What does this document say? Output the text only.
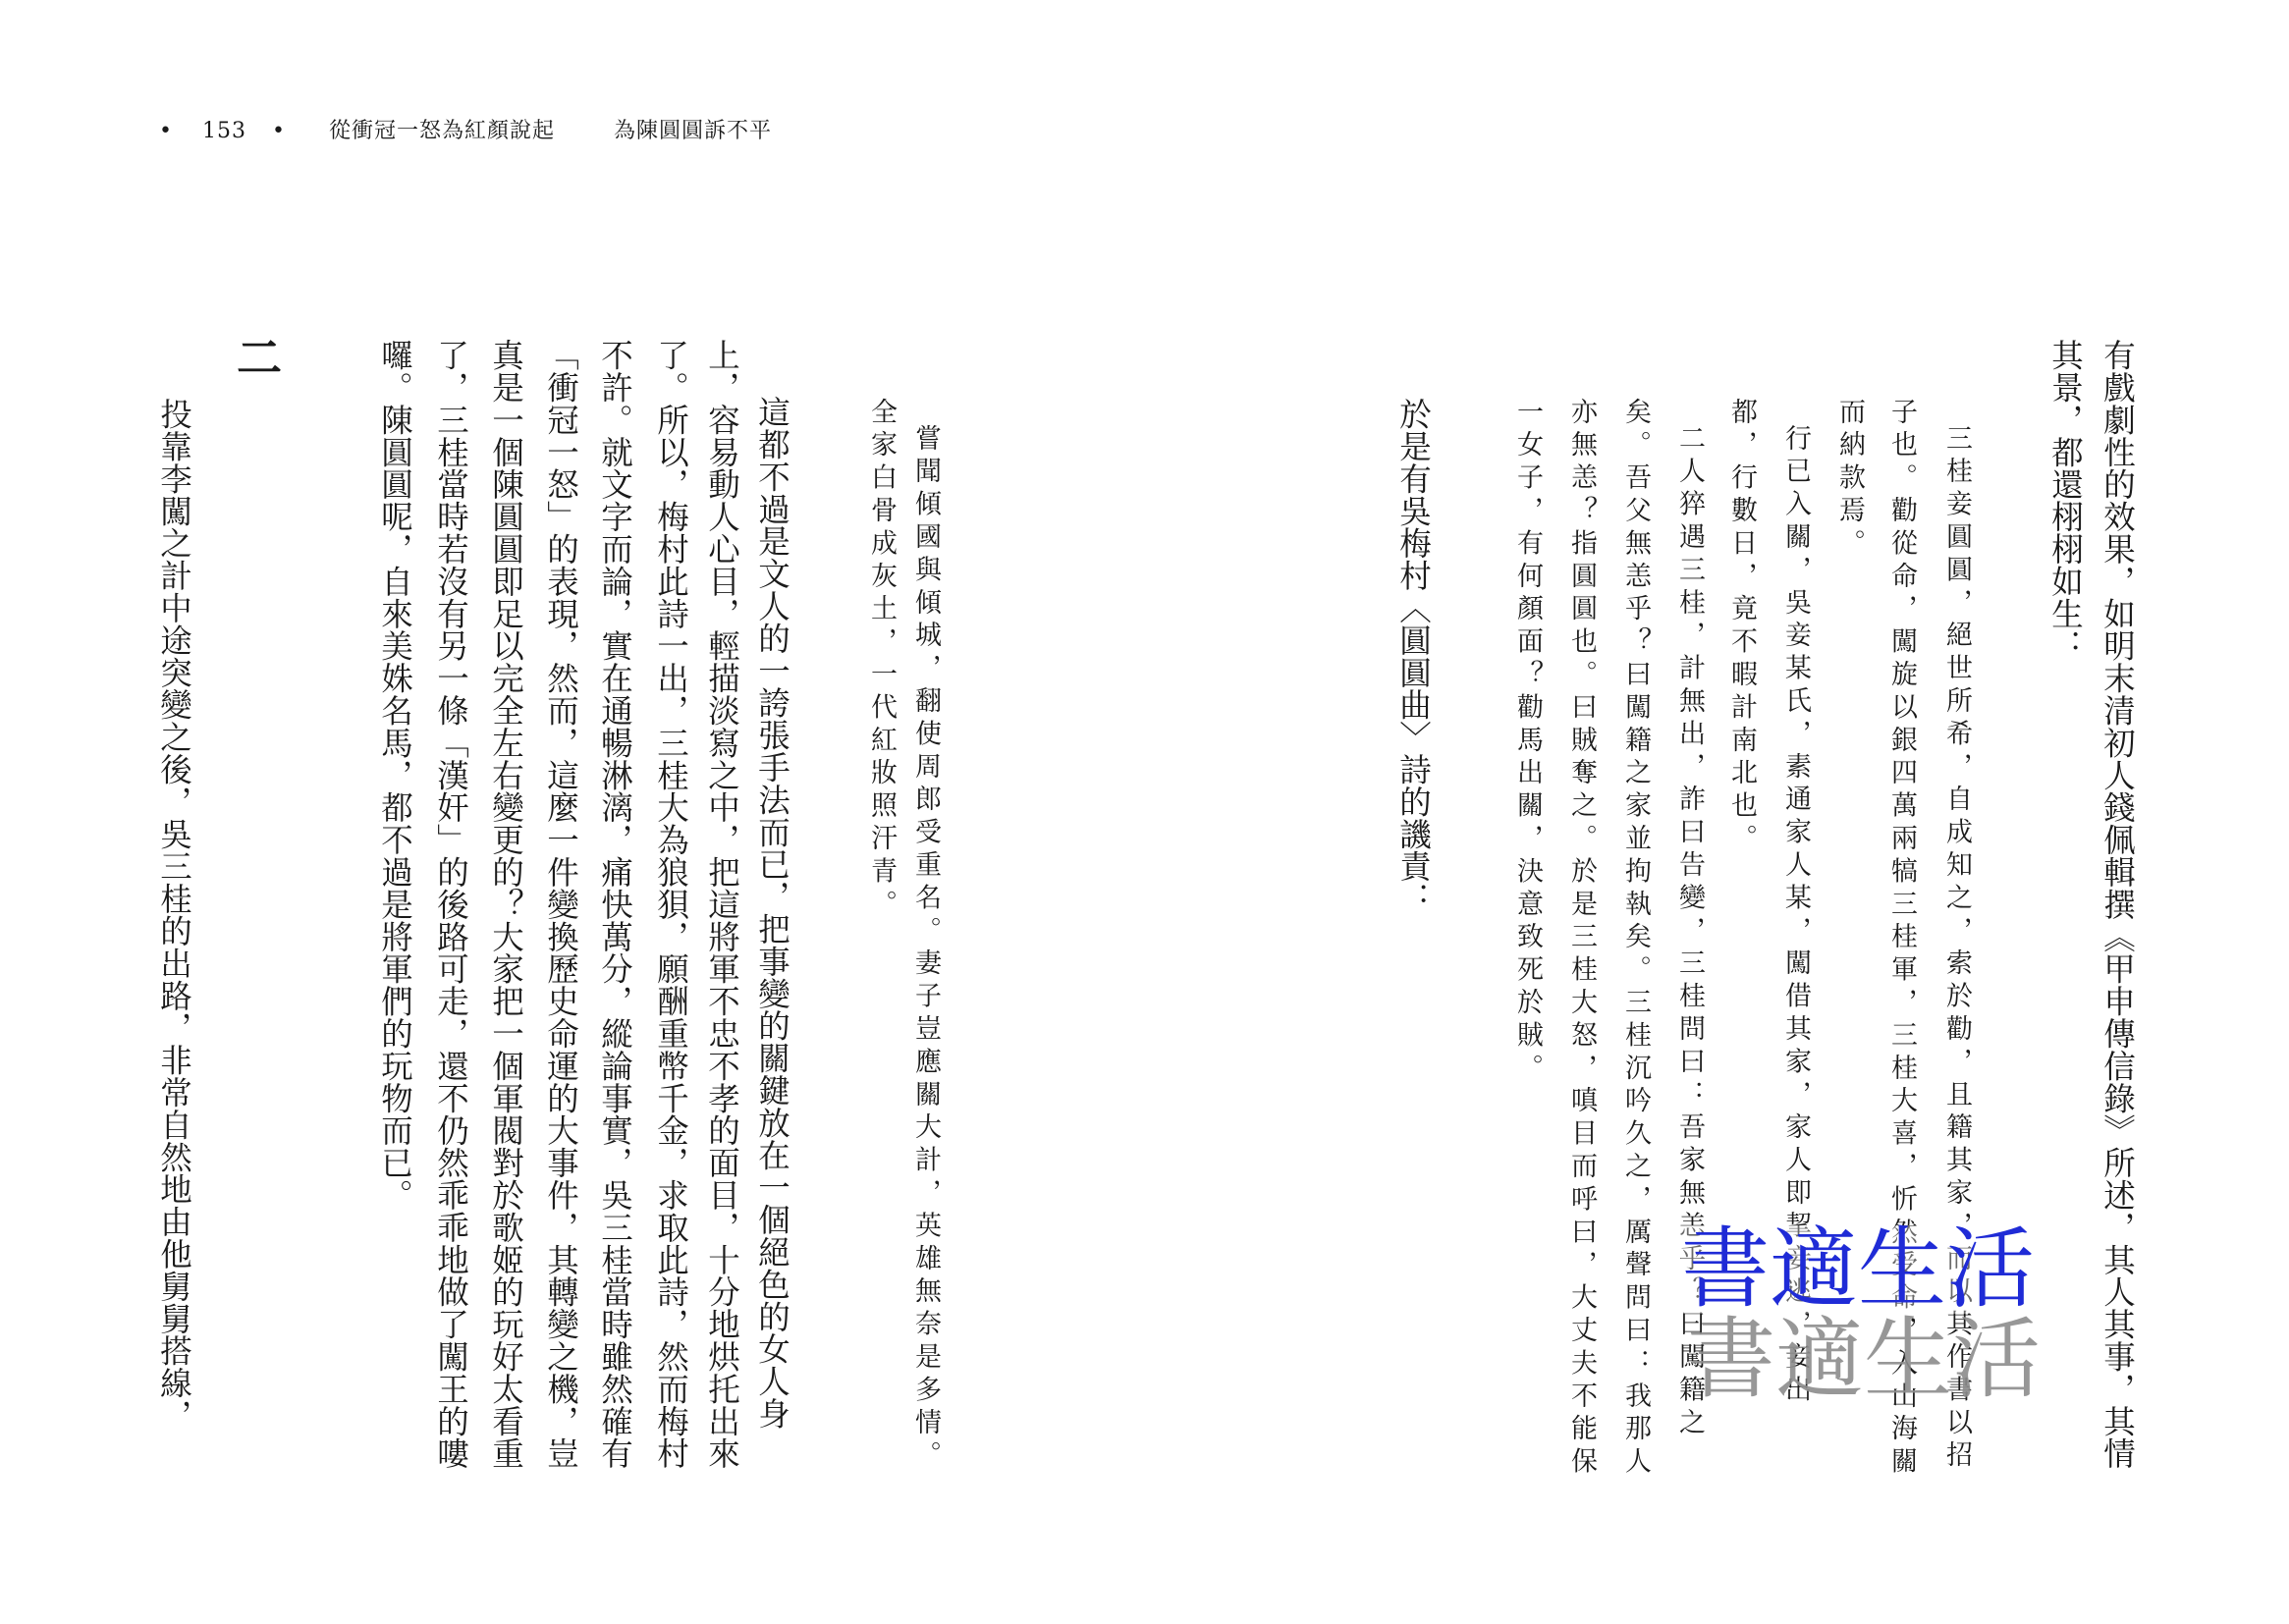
• 153 • 從衝冠一怒為紅顏說起	為陳圓圓訴不平
嘗聞傾國與傾城，翻使周郎受重名。妻子豈應關大計，英雄無奈是多情。
全家白骨成灰土，一代紅妝照汗青。
這都不過是文人的一誇張手法而已，把事變的關鍵放在一個絕色的女人身
上，容易動人心目，輕描淡寫之中，把這將軍不忠不孝的面目，十分地烘托出來
了。所以，梅村此詩一出，三桂大為狼狽，願酬重幣千金，求取此詩，然而梅村
不許。就文字而論，實在通暢淋漓，痛快萬分，縱論事實，吳三桂當時雖然確有
「衝冠一怒」的表現，然而，這麼一件變換歷史命運的大事件，其轉變之機，豈
真是一個陳圓圓即足以完全左右變更的？大家把一個軍閥對於歌姬的玩好太看重
了，三桂當時若沒有另一條「漢奸」的後路可走，還不仍然乖乖地做了闖王的嘍
囉。陳圓圓呢，自來美姝名馬，都不過是將軍們的玩物而已。
二
投靠李闖之計中途突變之後，吳三桂的出路，非常自然地由他舅舅搭線，
	有戲劇性的效果，如明末清初人錢佩輯撰《甲申傳信錄》所述，其人其事，其情
其景，都還栩栩如生：
三桂妾圓圓，絕世所希，自成知之，索於勸，且籍其家，而以其作書以招
子也。勸從命，闖旋以銀四萬兩犒三桂軍，三桂大喜，忻然受命，入山海關
而納款焉。
行已入關，吳妾某氏，素通家人某，闖借其家，家人即挈妾逃，妾出
都，行數日，竟不暇計南北也。
二人猝遇三桂，計無出，詐曰告變，三桂問曰：吾家無恙乎？曰闖籍之
矣。吾父無恙乎？曰闖籍之家並拘執矣。三桂沉吟久之，厲聲問曰：我那人
亦無恙？指圓圓也。曰賊奪之。於是三桂大怒，嗔目而呼曰，大丈夫不能保
一女子，有何顏面？勸馬出關，決意致死於賊。
於是有吳梅村〈圓圓曲〉詩的譏責：
書適生活
書適生活
